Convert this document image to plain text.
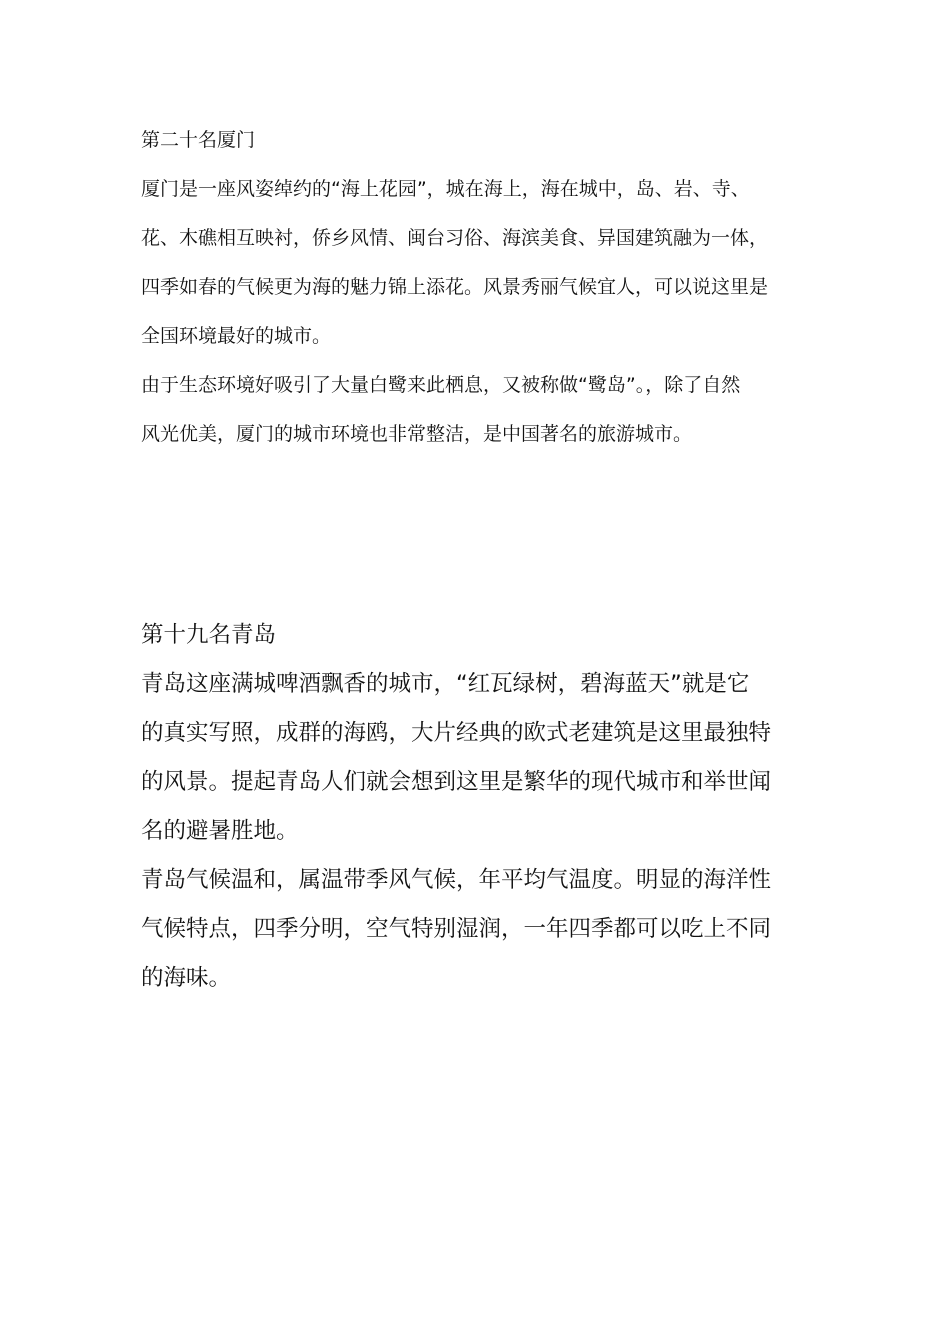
第二十名厦门
厦门是一座风姿绰约的“海上花园”，城在海上，海在城中，岛、岩、寺、
花、木礁相互映衬，侨乡风情、闽台习俗、海滨美食、异国建筑融为一体，
四季如春的气候更为海的魅力锦上添花。风景秀丽气候宜人，可以说这里是
全国环境最好的城市。
由于生态环境好吸引了大量白鹭来此栖息，又被称做“鹭岛”。，除了自然
风光优美，厦门的城市环境也非常整洁，是中国著名的旅游城市。
第十九名青岛
青岛这座满城啤酒飘香的城市，“红瓦绿树，碧海蓝天”就是它
的真实写照，成群的海鸥，大片经典的欧式老建筑是这里最独特
的风景。提起青岛人们就会想到这里是繁华的现代城市和举世闻
名的避暑胜地。
青岛气候温和，属温带季风气候，年平均气温度。明显的海洋性
气候特点，四季分明，空气特别湿润，一年四季都可以吃上不同
的海味。
